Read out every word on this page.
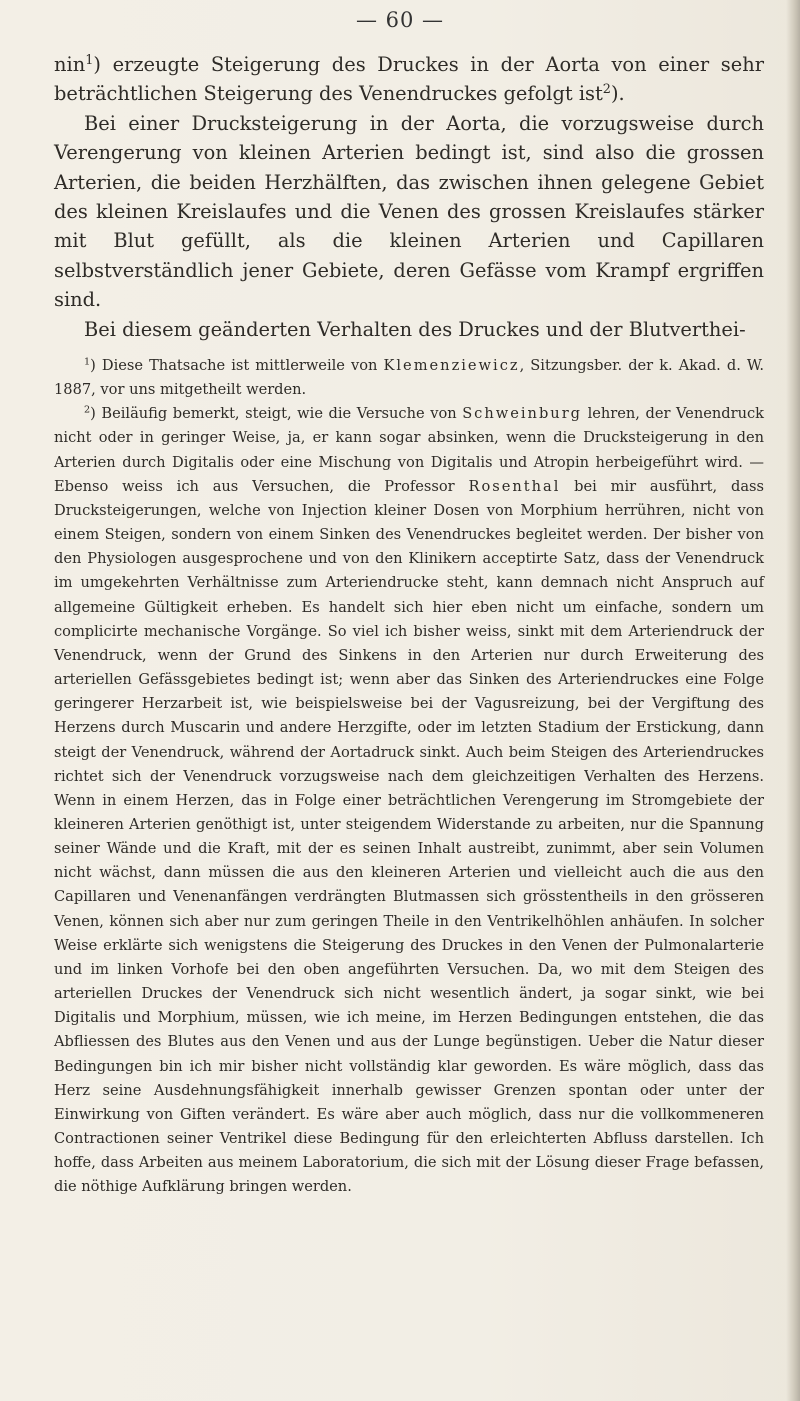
— 60 —

nin$^1$) erzeugte Steigerung des Druckes in der Aorta von einer sehr beträchtlichen Steigerung des Venendruckes gefolgt ist$^2$).

Bei einer Drucksteigerung in der Aorta, die vorzugsweise durch Verengerung von kleinen Arterien bedingt ist, sind also die grossen Arterien, die beiden Herzhälften, das zwischen ihnen gelegene Gebiet des kleinen Kreislaufes und die Venen des grossen Kreislaufes stärker mit Blut gefüllt, als die kleinen Arterien und Capillaren selbstverständlich jener Gebiete, deren Gefässe vom Krampf ergriffen sind.

Bei diesem geänderten Verhalten des Druckes und der Blutverthei-

$^1$) Diese Thatsache ist mittlerweile von Klemenziewicz, Sitzungsber. der k. Akad. d. W. 1887, vor uns mitgetheilt werden.

$^2$) Beiläufig bemerkt, steigt, wie die Versuche von Schweinburg lehren, der Venendruck nicht oder in geringer Weise, ja, er kann sogar absinken, wenn die Drucksteigerung in den Arterien durch Digitalis oder eine Mischung von Digitalis und Atropin herbeigeführt wird. — Ebenso weiss ich aus Versuchen, die Professor Rosenthal bei mir ausführt, dass Drucksteigerungen, welche von Injection kleiner Dosen von Morphium herrühren, nicht von einem Steigen, sondern von einem Sinken des Venendruckes begleitet werden. Der bisher von den Physiologen ausgesprochene und von den Klinikern acceptirte Satz, dass der Venendruck im umgekehrten Verhältnisse zum Arteriendrucke steht, kann demnach nicht Anspruch auf allgemeine Gültigkeit erheben. Es handelt sich hier eben nicht um einfache, sondern um complicirte mechanische Vorgänge. So viel ich bisher weiss, sinkt mit dem Arteriendruck der Venendruck, wenn der Grund des Sinkens in den Arterien nur durch Erweiterung des arteriellen Gefässgebietes bedingt ist; wenn aber das Sinken des Arteriendruckes eine Folge geringerer Herzarbeit ist, wie beispielsweise bei der Vagusreizung, bei der Vergiftung des Herzens durch Muscarin und andere Herzgifte, oder im letzten Stadium der Erstickung, dann steigt der Venendruck, während der Aortadruck sinkt. Auch beim Steigen des Arteriendruckes richtet sich der Venendruck vorzugsweise nach dem gleichzeitigen Verhalten des Herzens. Wenn in einem Herzen, das in Folge einer beträchtlichen Verengerung im Stromgebiete der kleineren Arterien genöthigt ist, unter steigendem Widerstande zu arbeiten, nur die Spannung seiner Wände und die Kraft, mit der es seinen Inhalt austreibt, zunimmt, aber sein Volumen nicht wächst, dann müssen die aus den kleineren Arterien und vielleicht auch die aus den Capillaren und Venenanfängen verdrängten Blutmassen sich grösstentheils in den grösseren Venen, können sich aber nur zum geringen Theile in den Ventrikelhöhlen anhäufen. In solcher Weise erklärte sich wenigstens die Steigerung des Druckes in den Venen der Pulmonalarterie und im linken Vorhofe bei den oben angeführten Versuchen. Da, wo mit dem Steigen des arteriellen Druckes der Venendruck sich nicht wesentlich ändert, ja sogar sinkt, wie bei Digitalis und Morphium, müssen, wie ich meine, im Herzen Bedingungen entstehen, die das Abfliessen des Blutes aus den Venen und aus der Lunge begünstigen. Ueber die Natur dieser Bedingungen bin ich mir bisher nicht vollständig klar geworden. Es wäre möglich, dass das Herz seine Ausdehnungsfähigkeit innerhalb gewisser Grenzen spontan oder unter der Einwirkung von Giften verändert. Es wäre aber auch möglich, dass nur die vollkommeneren Contractionen seiner Ventrikel diese Bedingung für den erleichterten Abfluss darstellen. Ich hoffe, dass Arbeiten aus meinem Laboratorium, die sich mit der Lösung dieser Frage befassen, die nöthige Aufklärung bringen werden.
